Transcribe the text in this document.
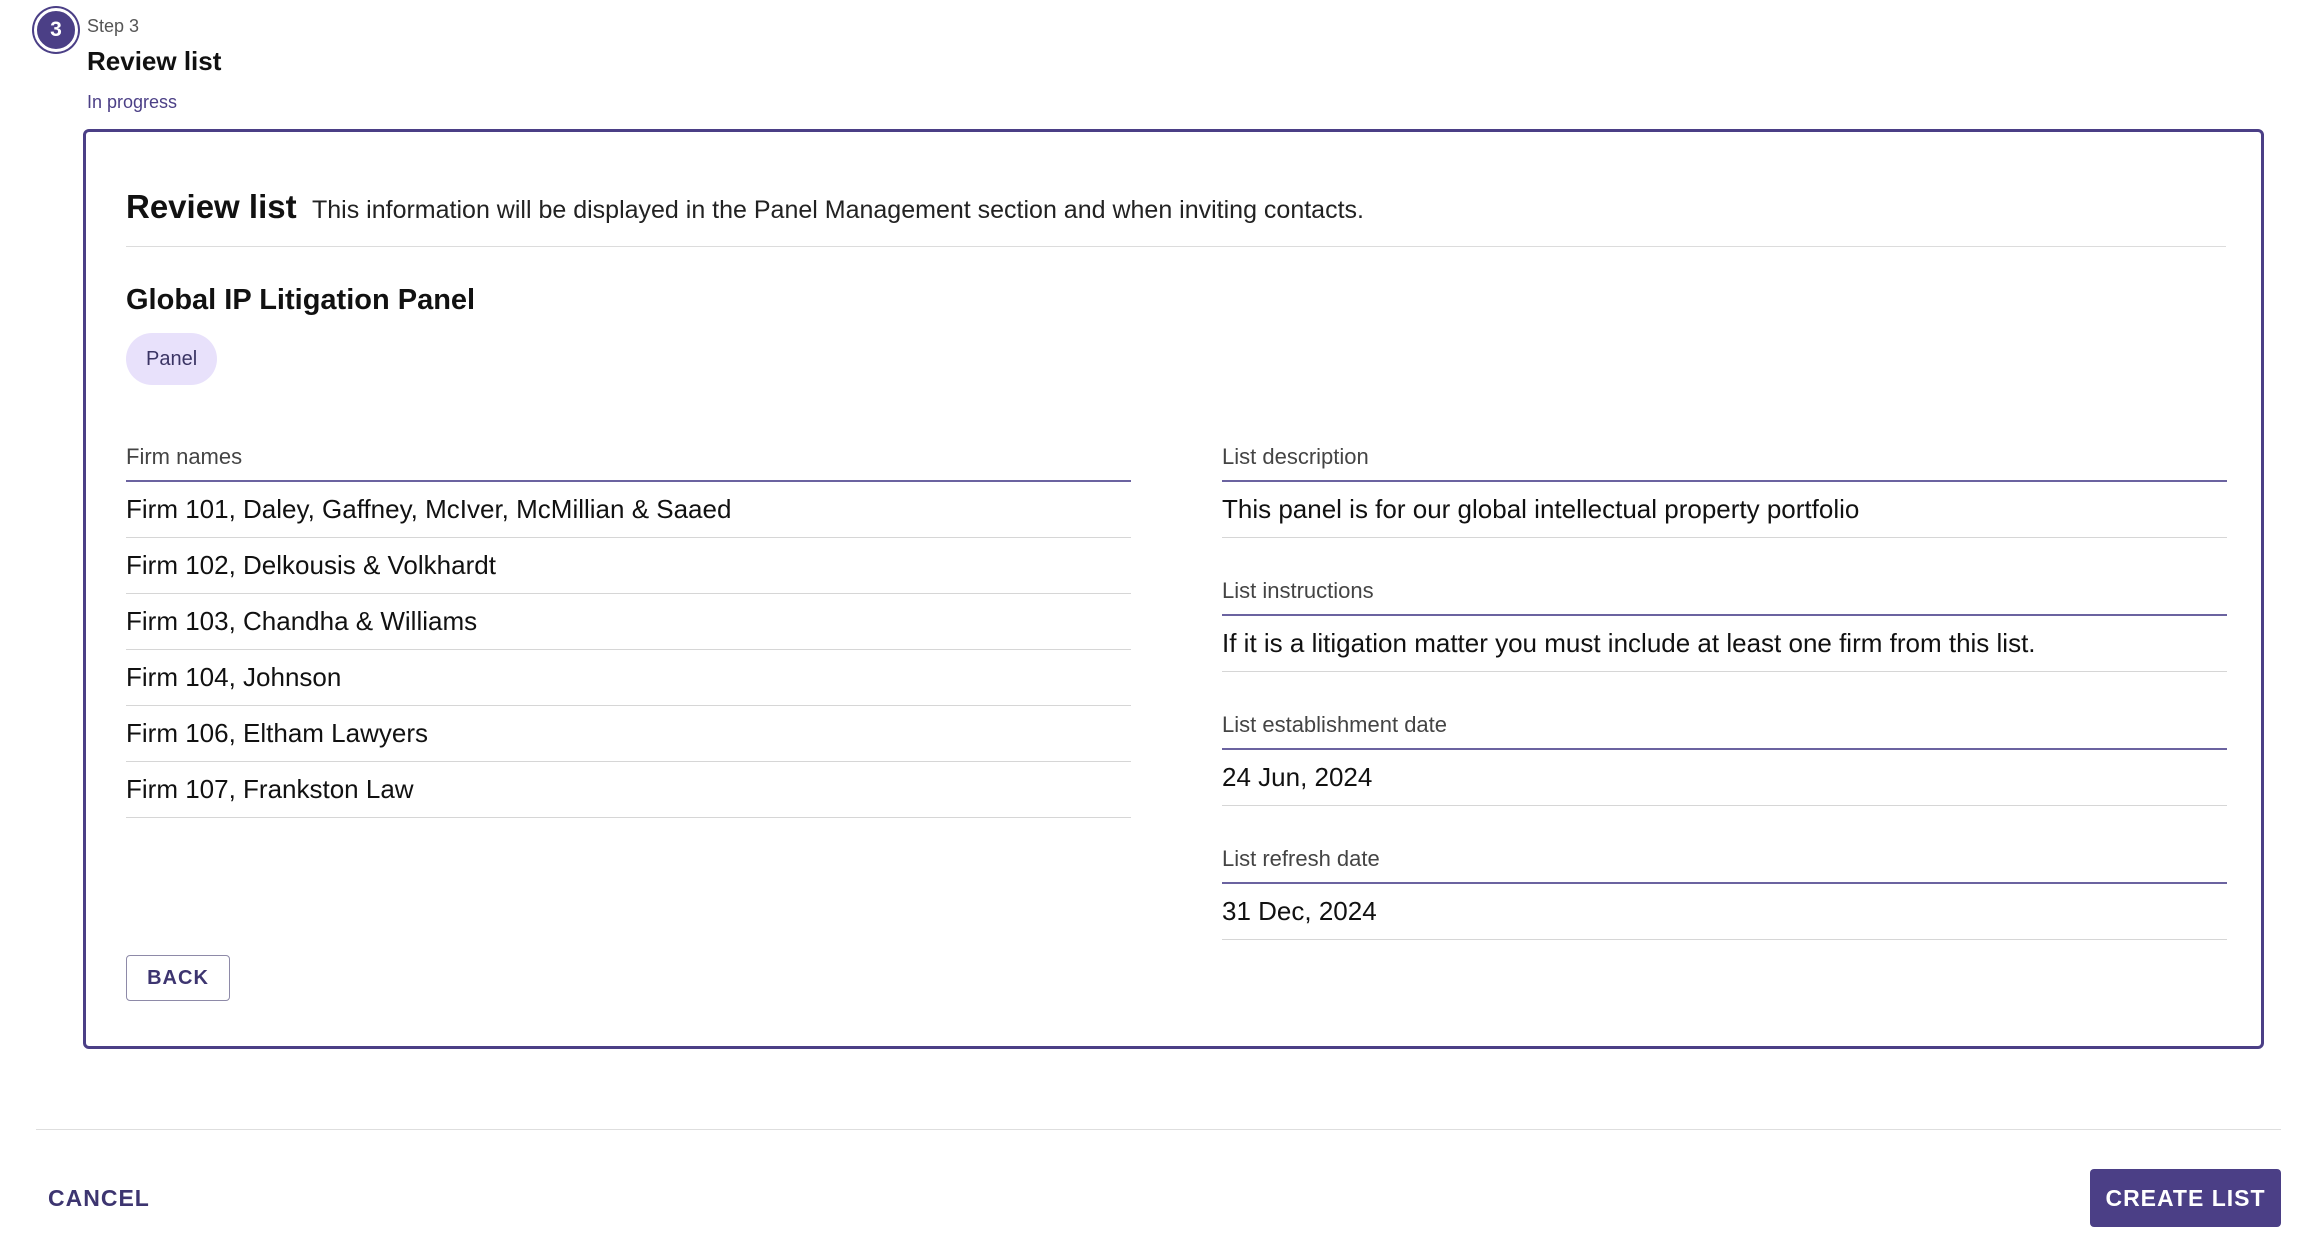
3	Step 3
Review list
In progress
Review list This information will be displayed in the Panel Management section and when inviting contacts.
Global IP Litigation Panel
Panel
Firm names
Firm 101, Daley, Gaffney, McIver, McMillian & Saaed
Firm 102, Delkousis & Volkhardt
Firm 103, Chandha & Williams
Firm 104, Johnson
Firm 106, Eltham Lawyers
Firm 107, Frankston Law
List description
This panel is for our global intellectual property portfolio
List instructions
If it is a litigation matter you must include at least one firm from this list.
List establishment date
24 Jun, 2024
List refresh date
31 Dec, 2024
BACK
CANCEL	CREATE LIST
